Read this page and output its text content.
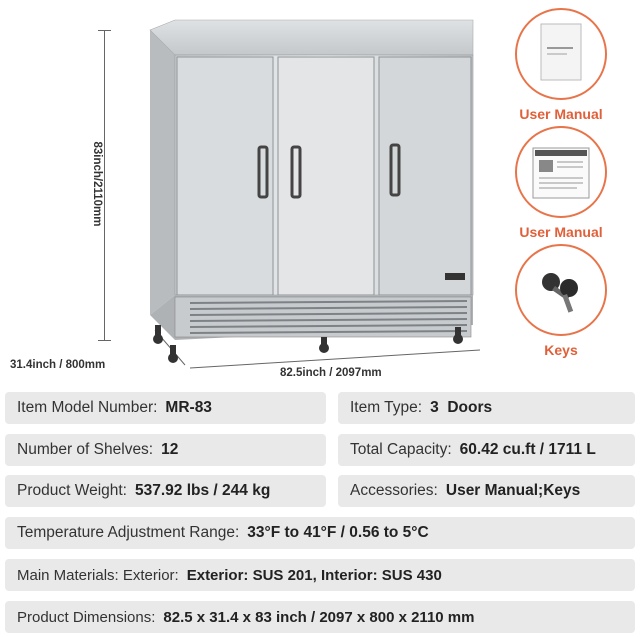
83inch/2110mm
31.4inch / 800mm
82.5inch / 2097mm
User Manual
User Manual
Keys
Item Model Number: MR-83	Item Type: 3  Doors
Number of Shelves: 12	Total Capacity: 60.42 cu.ft / 1711 L
Product Weight: 537.92 lbs / 244 kg	Accessories: User Manual;Keys
Temperature Adjustment Range: 33°F to 41°F / 0.56 to 5°C
Main Materials: Exterior: Exterior: SUS 201, Interior: SUS 430
Product Dimensions: 82.5 x 31.4 x 83 inch / 2097 x 800 x 2110 mm
